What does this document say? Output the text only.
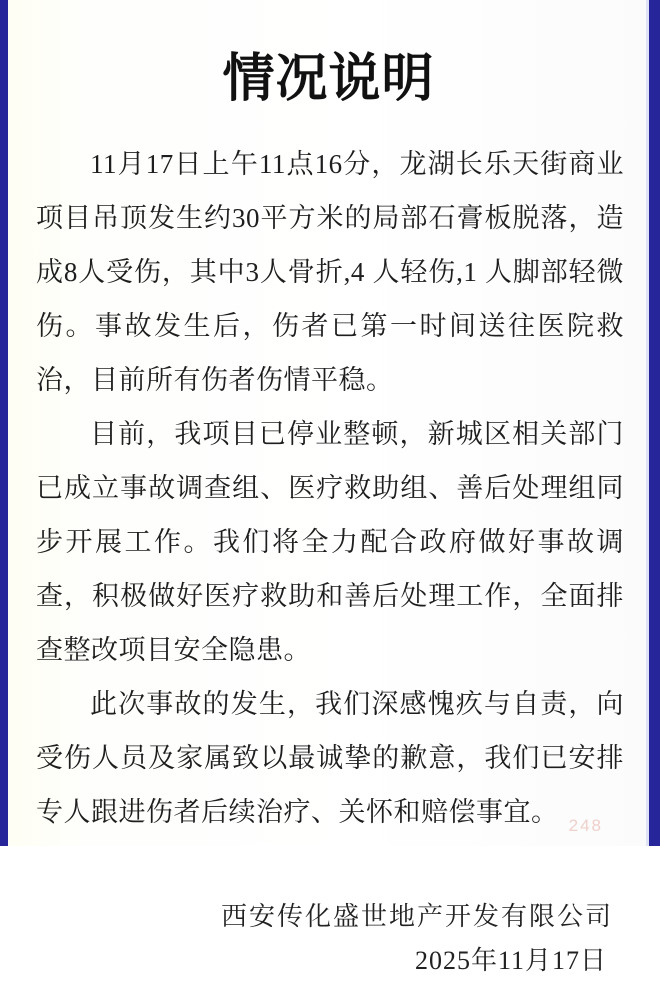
情况说明

11月17日上午11点16分，龙湖长乐天街商业项目吊顶发生约30平方米的局部石膏板脱落，造成8人受伤，其中3人骨折,4 人轻伤,1 人脚部轻微伤。事故发生后，伤者已第一时间送往医院救治，目前所有伤者伤情平稳。

目前，我项目已停业整顿，新城区相关部门已成立事故调查组、医疗救助组、善后处理组同步开展工作。我们将全力配合政府做好事故调查，积极做好医疗救助和善后处理工作，全面排查整改项目安全隐患。

此次事故的发生，我们深感愧疚与自责，向受伤人员及家属致以最诚挚的歉意，我们已安排专人跟进伤者后续治疗、关怀和赔偿事宜。

西安传化盛世地产开发有限公司
2025年11月17日
248
